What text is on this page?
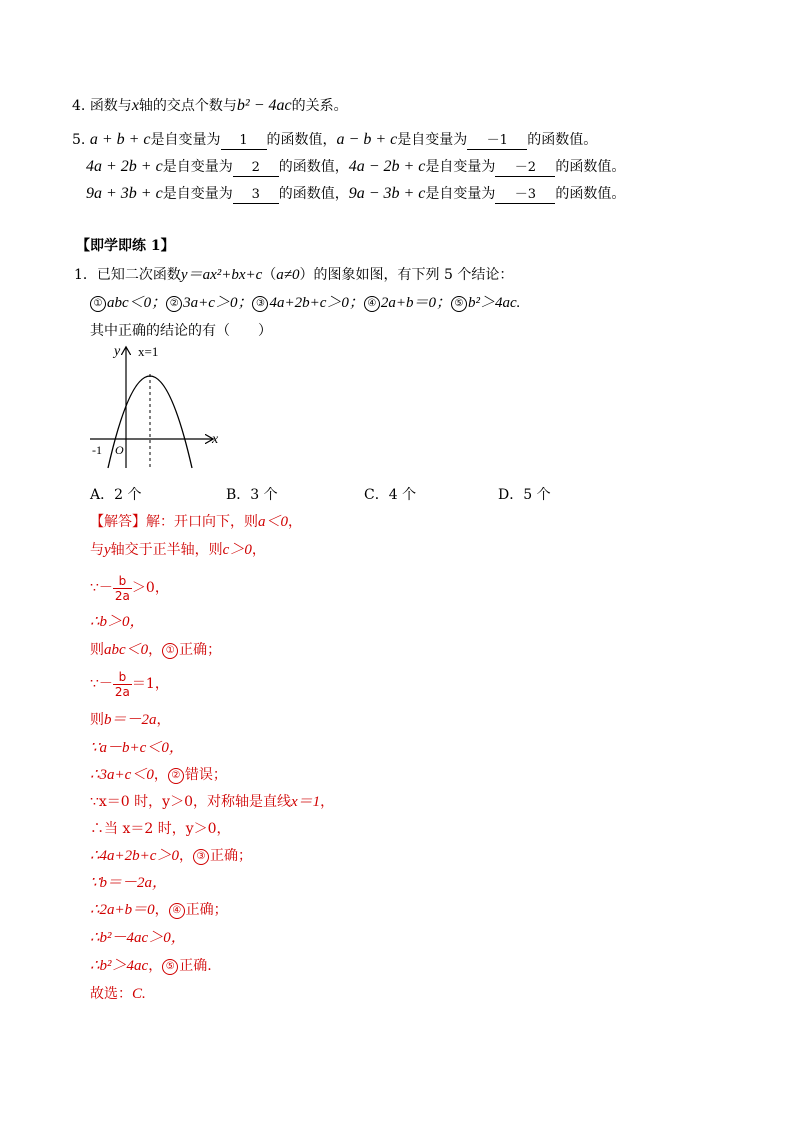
4. 函数与x轴的交点个数与b² − 4ac的关系。
5. a + b + c是自变量为 1 的函数值，a − b + c是自变量为 －1 的函数值。
4a + 2b + c是自变量为 2 的函数值，4a − 2b + c是自变量为 －2 的函数值。
9a + 3b + c是自变量为 3 的函数值，9a − 3b + c是自变量为 －3 的函数值。
【即学即练 1】
1．已知二次函数y＝ax²+bx+c（a≠0）的图象如图，有下列 5 个结论：
① abc＜0； ② 3a+c＞0； ③ 4a+2b+c＞0； ④ 2a+b＝0； ⑤ b²＞4ac.
其中正确的结论的有（　　）
y
x
x=1
-1 O
A．2 个	B．3 个	C．4 个	D．5 个
【解答】解：开口向下，则a＜0，
与y轴交于正半轴，则c＞0，
∵－ $\frac{b}{2a} >0$，
∴b＞0，
则abc＜0， ① 正确；
∵－ $\frac{b}{2a} =1$，
则b＝－2a，
∵a－b+c＜0，
∴3a+c＜0， ② 错误；
∵x＝0 时，y＞0，对称轴是直线x＝1，
∴当 x＝2 时，y＞0，
∴4a+2b+c＞0， ③ 正确；
∵b＝－2a，
∴2a+b＝0， ④ 正确；
∴b²－4ac＞0，
∴b²＞4ac， ⑤ 正确.
故选：C.
